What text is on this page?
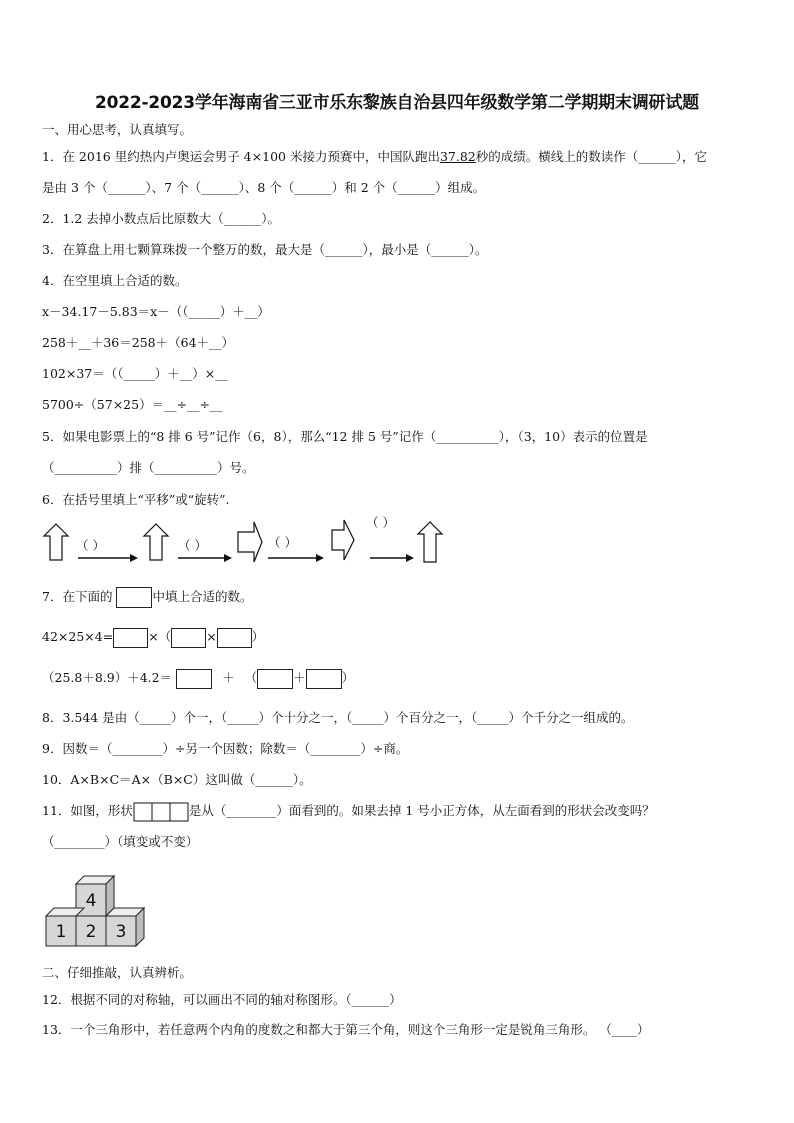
2022-2023学年海南省三亚市乐东黎族自治县四年级数学第二学期期末调研试题
一、用心思考，认真填写。
1．在 2016 里约热内卢奥运会男子 4×100 米接力预赛中，中国队跑出37.82秒的成绩。横线上的数读作（______），它
是由 3 个（______）、7 个（______）、8 个（______）和 2 个（______）组成。
2．1.2 去掉小数点后比原数大（______）。
3．在算盘上用七颗算珠拨一个整万的数，最大是（______），最小是（______）。
4．在空里填上合适的数。
x－34.17－5.83＝x－（（_____）＋__）
258＋__＋36＝258＋（64＋__）
102×37＝（（_____）＋__）×__
5700÷（57×25）＝__÷__÷__
5．如果电影票上的“8 排 6 号”记作（6，8），那么“12 排 5 号”记作（__________），（3，10）表示的位置是
（__________）排（__________）号。
6．在括号里填上“平移”或“旋转”.
（ ）	（ ）	（ ）
（ ）
7．在下面的	中填上合适的数。
42×25×4=	×（	×	）
（25.8＋8.9）＋4.2＝	＋ （	＋	）
8．3.544 是由（_____）个一，（_____）个十分之一，（_____）个百分之一，（_____）个千分之一组成的。
9．因数＝（________）÷另一个因数；除数＝（________）÷商。
10．A×B×C＝A×（B×C）这叫做（______）。
11．如图，形状	是从（________）面看到的。如果去掉 1 号小正方体，从左面看到的形状会改变吗？
（________）（填变或不变）
1 2 3
4
二、仔细推敲，认真辨析。
12．根据不同的对称轴，可以画出不同的轴对称图形。（______）
13．一个三角形中，若任意两个内角的度数之和都大于第三个角，则这个三角形一定是锐角三角形。 （____）
